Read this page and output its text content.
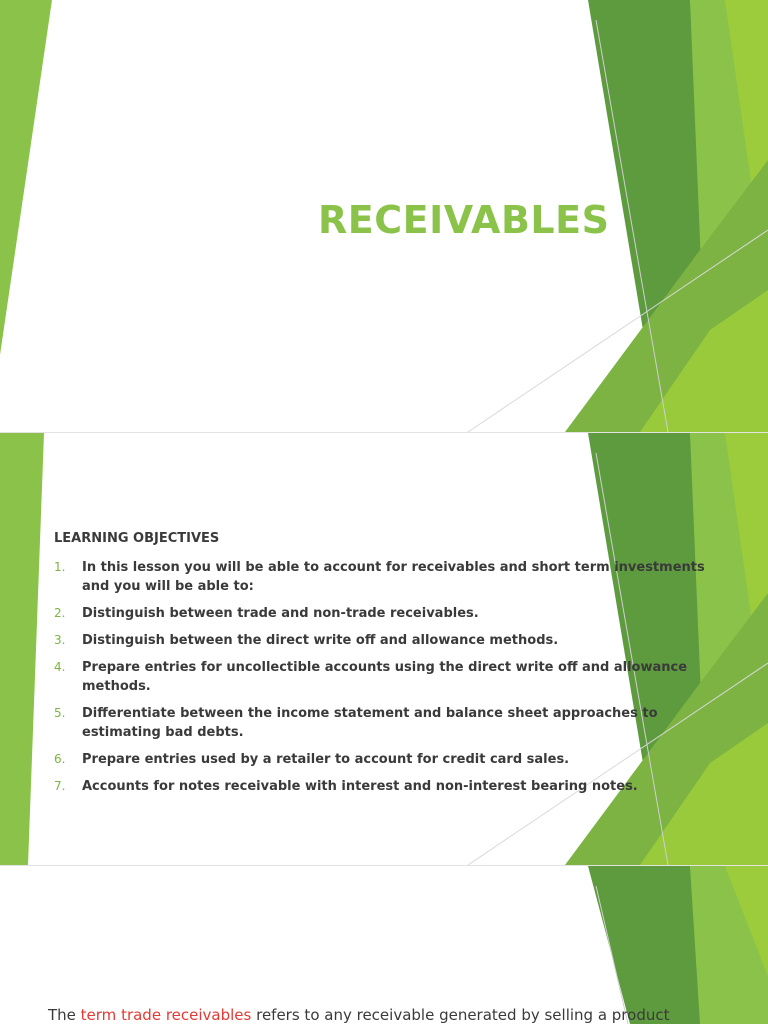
RECEIVABLES
LEARNING OBJECTIVES
1. In this lesson you will be able to account for receivables and short term investments and you will be able to:
2. Distinguish between trade and non-trade receivables.
3. Distinguish between the direct write off and allowance methods.
4. Prepare entries for uncollectible accounts using the direct write off and allowance methods.
5. Differentiate between the income statement and balance sheet approaches to estimating bad debts.
6. Prepare entries used by a retailer to account for credit card sales.
7. Accounts for notes receivable with interest and non-interest bearing notes.
The term trade receivables refers to any receivable generated by selling a product
